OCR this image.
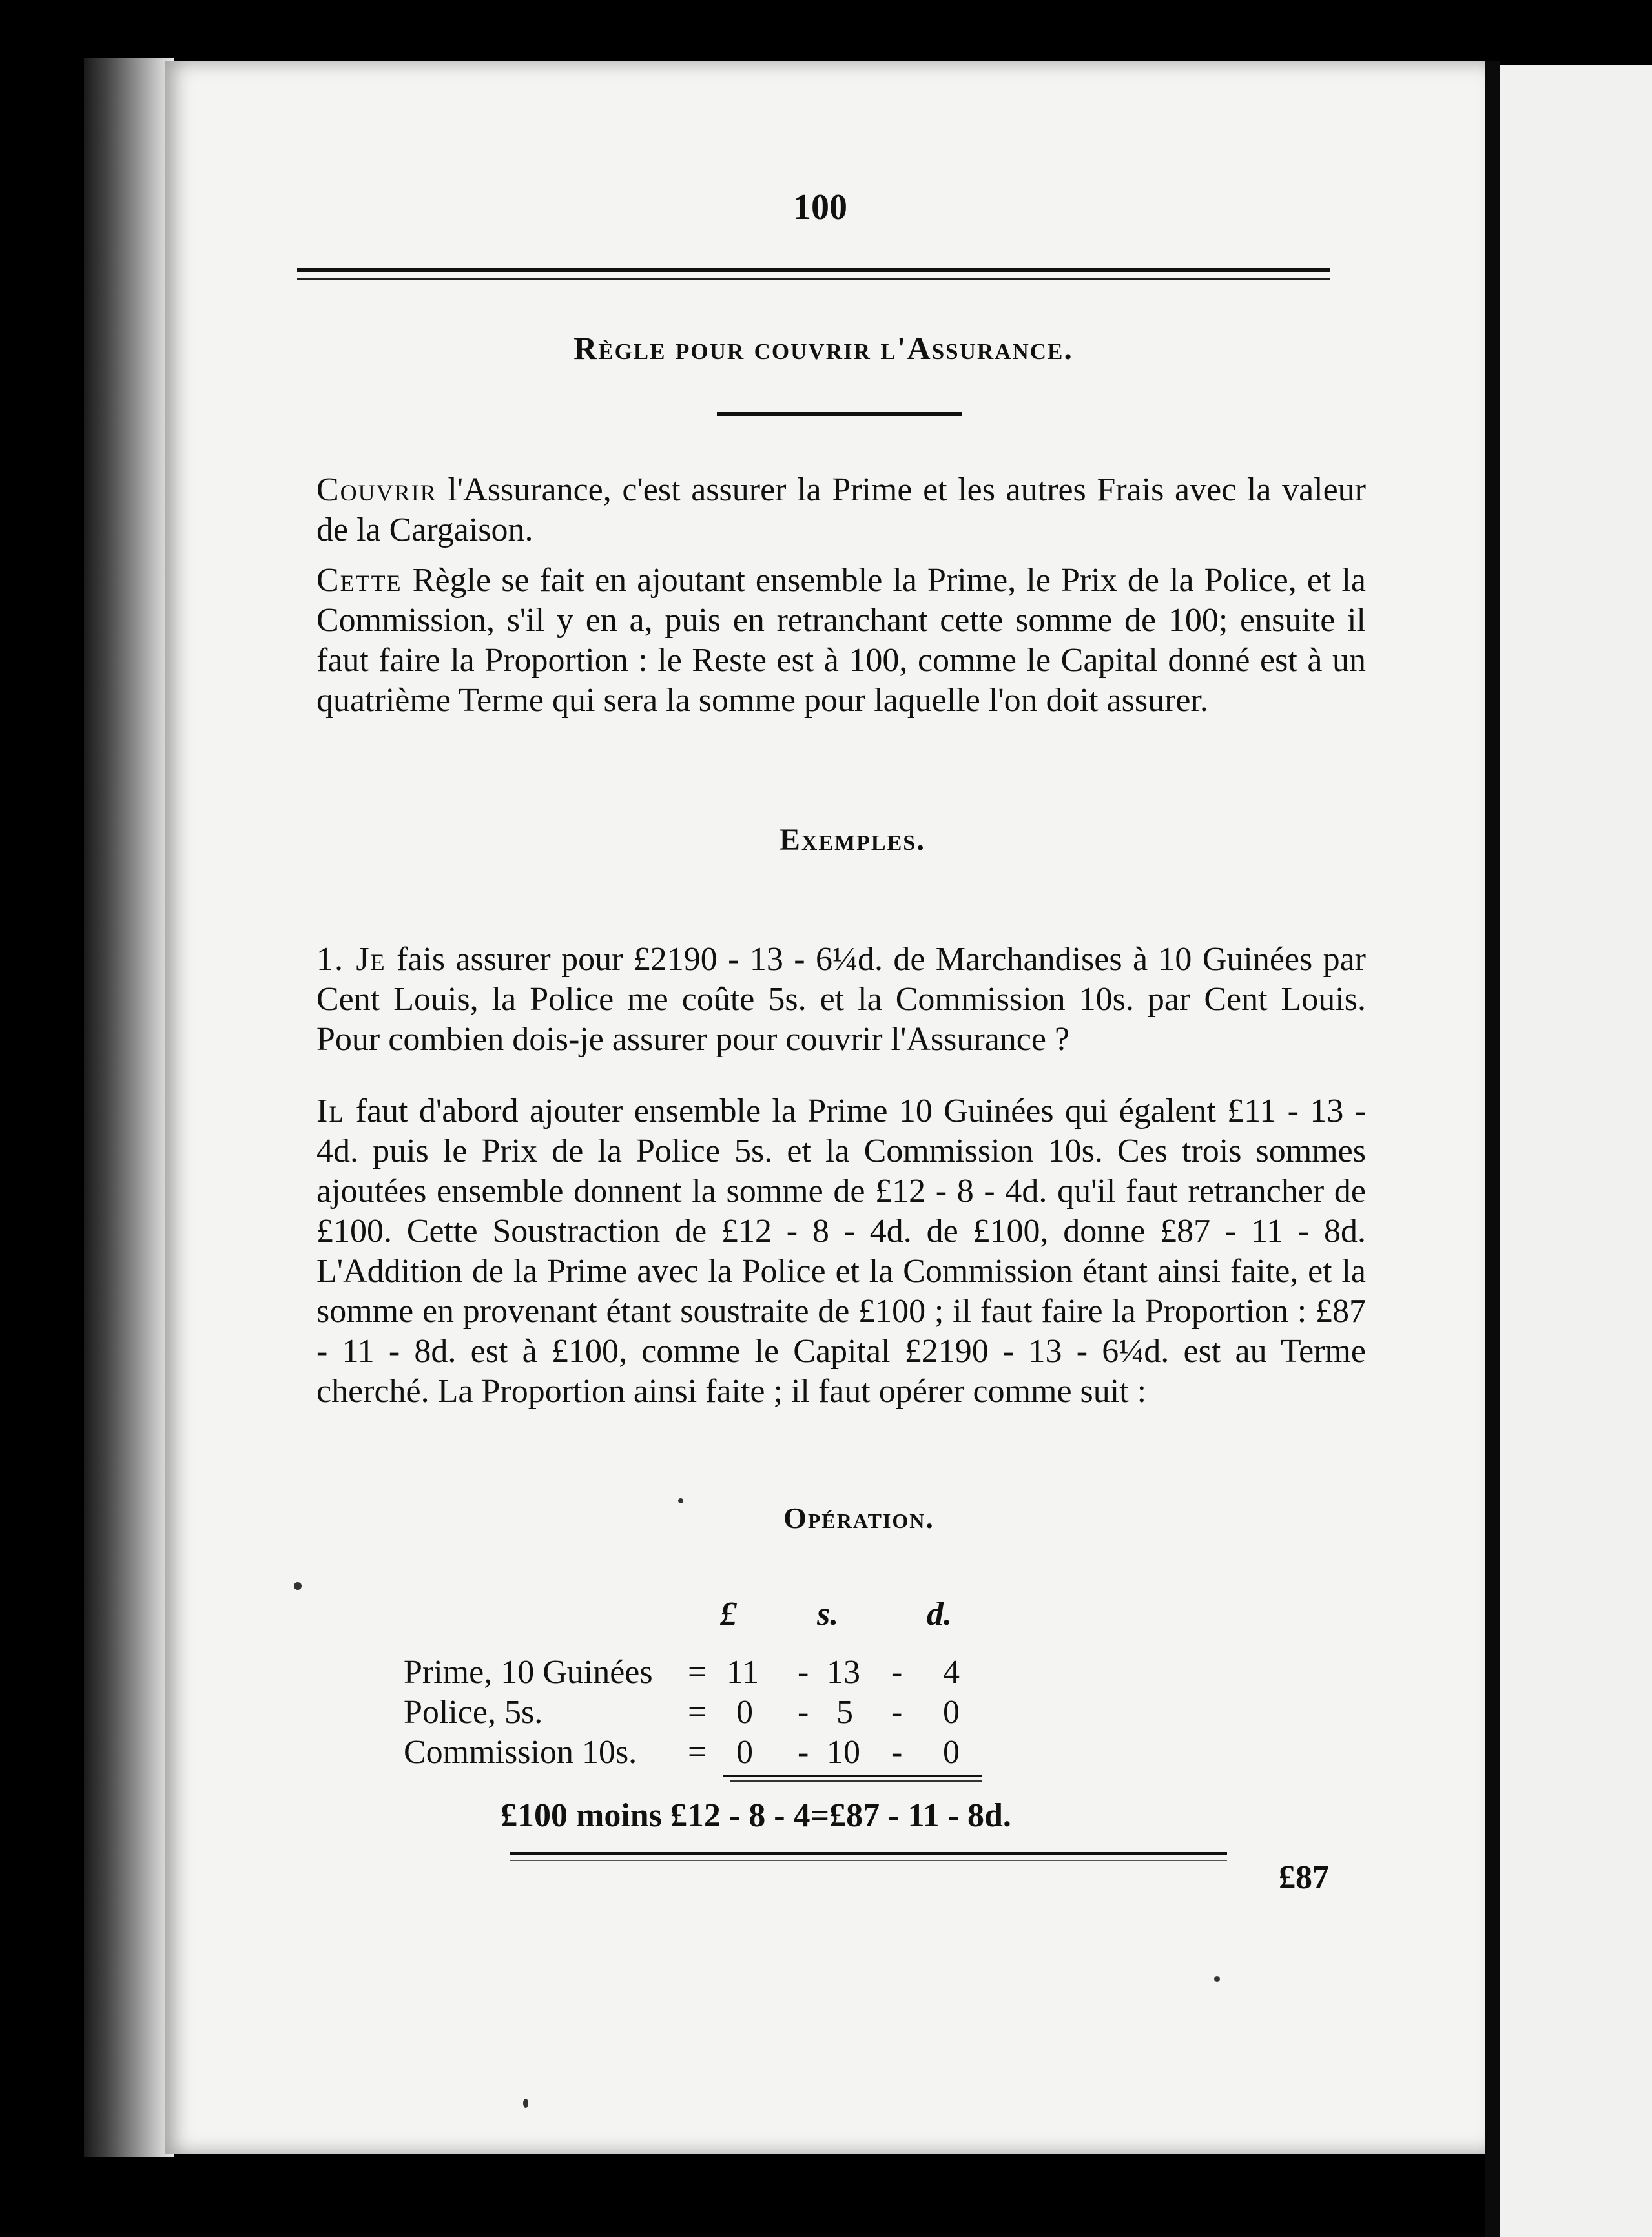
100
Règle pour couvrir l'Assurance.
Couvrir l'Assurance, c'est assurer la Prime et les autres Frais avec la valeur de la Cargaison.
Cette Règle se fait en ajoutant ensemble la Prime, le Prix de la Police, et la Commission, s'il y en a, puis en retranchant cette somme de 100; ensuite il faut faire la Proportion : le Reste est à 100, comme le Capital donné est à un quatrième Terme qui sera la somme pour laquelle l'on doit assurer.
Exemples.
1. Je fais assurer pour £2190 - 13 - 6¼d. de Marchandises à 10 Guinées par Cent Louis, la Police me coûte 5s. et la Commission 10s. par Cent Louis. Pour combien dois-je assurer pour couvrir l'Assurance ?
Il faut d'abord ajouter ensemble la Prime 10 Guinées qui égalent £11 - 13 - 4d. puis le Prix de la Police 5s. et la Commission 10s. Ces trois sommes ajoutées ensemble donnent la somme de £12 - 8 - 4d. qu'il faut retrancher de £100. Cette Soustraction de £12 - 8 - 4d. de £100, donne £87 - 11 - 8d. L'Addition de la Prime avec la Police et la Commission étant ainsi faite, et la somme en provenant étant soustraite de £100 ; il faut faire la Proportion : £87 - 11 - 8d. est à £100, comme le Capital £2190 - 13 - 6¼d. est au Terme cherché. La Proportion ainsi faite ; il faut opérer comme suit :
Opération.
£ s.	d.
Prime, 10 Guinées = 11 - 13 - 4
Police, 5s.	= 0 - 5 - 0
Commission 10s. = 0 - 10 - 0
£100 moins £12 - 8 - 4=£87 - 11 - 8d.
£87
